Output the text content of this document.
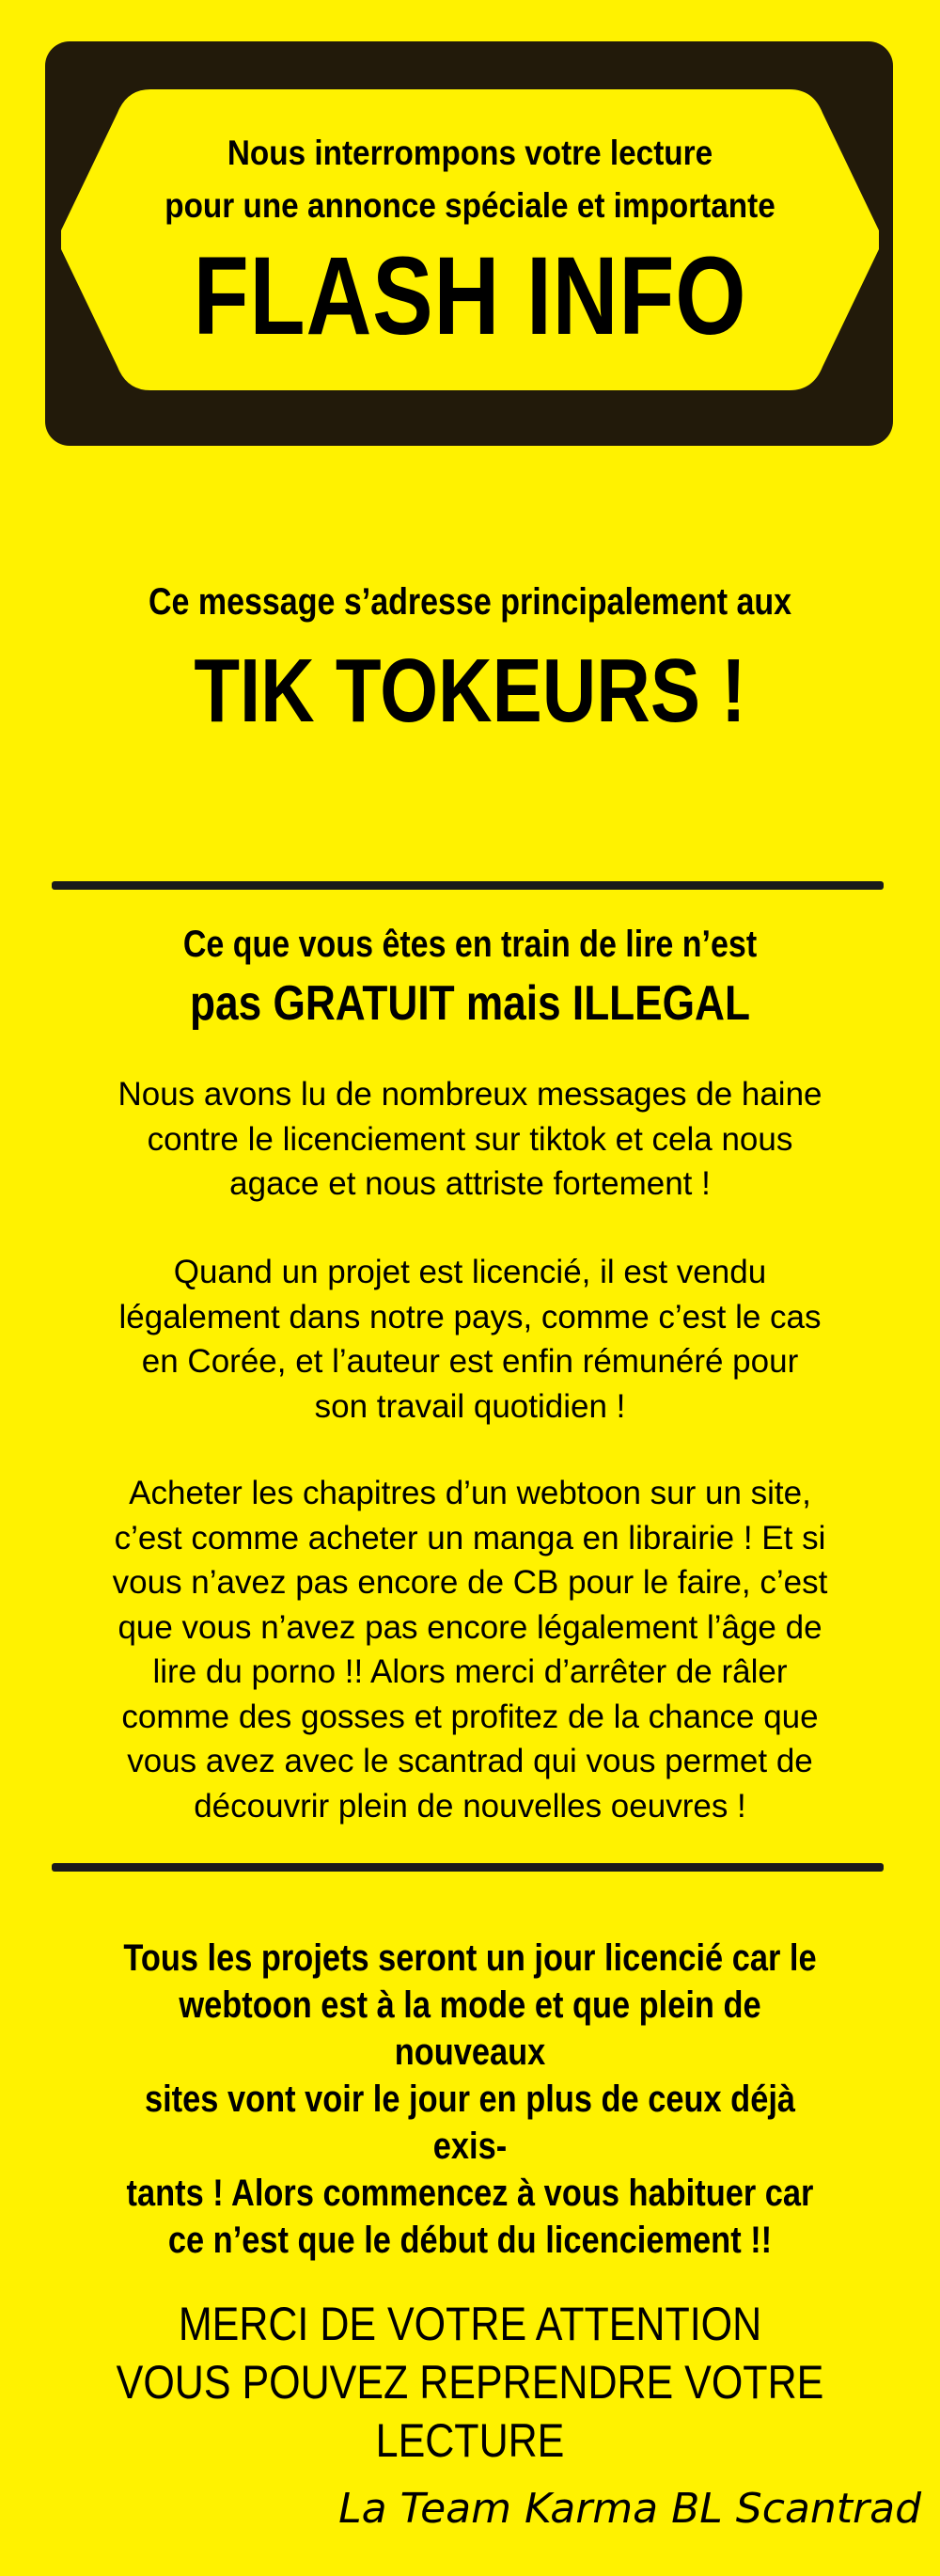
Nous interrompons votre lecture
pour une annonce spéciale et importante
FLASH INFO
Ce message s’adresse principalement aux
TIK TOKEURS !
Ce que vous êtes en train de lire n’est
pas GRATUIT mais ILLEGAL
Nous avons lu de nombreux messages de haine
contre le licenciement sur tiktok et cela nous
agace et nous attriste fortement !
Quand un projet est licencié, il est vendu
légalement dans notre pays, comme c’est le cas
en Corée, et l’auteur est enfin rémunéré pour
son travail quotidien !
Acheter les chapitres d’un webtoon sur un site,
c’est comme acheter un manga en librairie ! Et si
vous n’avez pas encore de CB pour le faire, c’est
que vous n’avez pas encore légalement l’âge de
lire du porno !! Alors merci d’arrêter de râler
comme des gosses et profitez de la chance que
vous avez avec le scantrad qui vous permet de
découvrir plein de nouvelles oeuvres !
Tous les projets seront un jour licencié car le
webtoon est à la mode et que plein de nouveaux
sites vont voir le jour en plus de ceux déjà exis-
tants ! Alors commencez à vous habituer car
ce n’est que le début du licenciement !!
MERCI DE VOTRE ATTENTION
VOUS POUVEZ REPRENDRE VOTRE LECTURE
La Team Karma BL Scantrad
